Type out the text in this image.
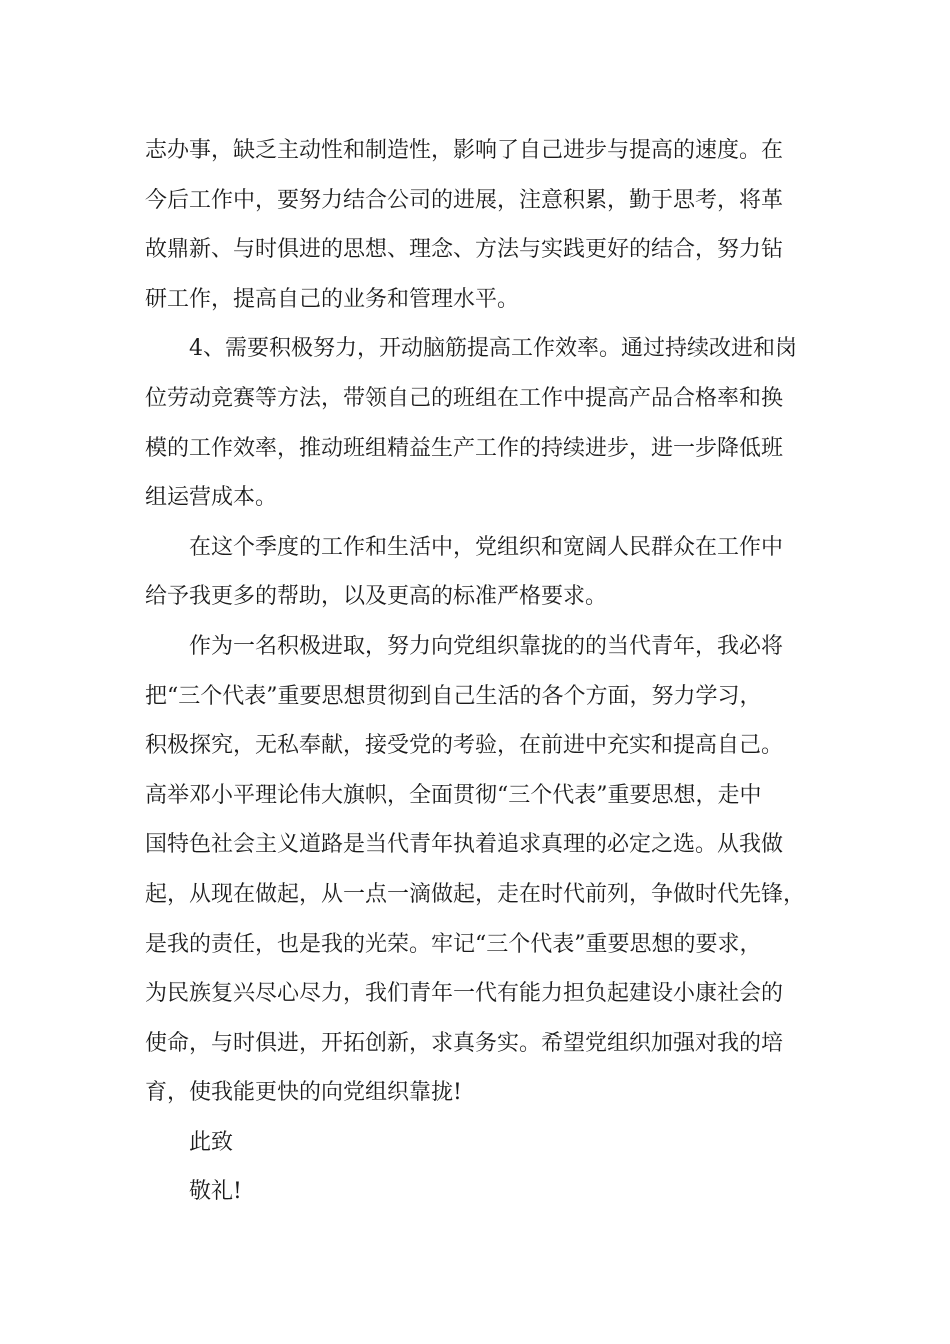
志办事，缺乏主动性和制造性，影响了自己进步与提高的速度。在
今后工作中，要努力结合公司的进展，注意积累，勤于思考，将革
故鼎新、与时俱进的思想、理念、方法与实践更好的结合，努力钻
研工作，提高自己的业务和管理水平。
4、需要积极努力，开动脑筋提高工作效率。通过持续改进和岗
位劳动竞赛等方法，带领自己的班组在工作中提高产品合格率和换
模的工作效率，推动班组精益生产工作的持续进步，进一步降低班
组运营成本。
在这个季度的工作和生活中，党组织和宽阔人民群众在工作中
给予我更多的帮助，以及更高的标准严格要求。
作为一名积极进取，努力向党组织靠拢的的当代青年，我必将
把“三个代表”重要思想贯彻到自己生活的各个方面，努力学习，
积极探究，无私奉献，接受党的考验，在前进中充实和提高自己。
高举邓小平理论伟大旗帜，全面贯彻“三个代表”重要思想，走中
国特色社会主义道路是当代青年执着追求真理的必定之选。从我做
起，从现在做起，从一点一滴做起，走在时代前列，争做时代先锋，
是我的责任，也是我的光荣。牢记“三个代表”重要思想的要求，
为民族复兴尽心尽力，我们青年一代有能力担负起建设小康社会的
使命，与时俱进，开拓创新，求真务实。希望党组织加强对我的培
育，使我能更快的向党组织靠拢!
此致
敬礼!
